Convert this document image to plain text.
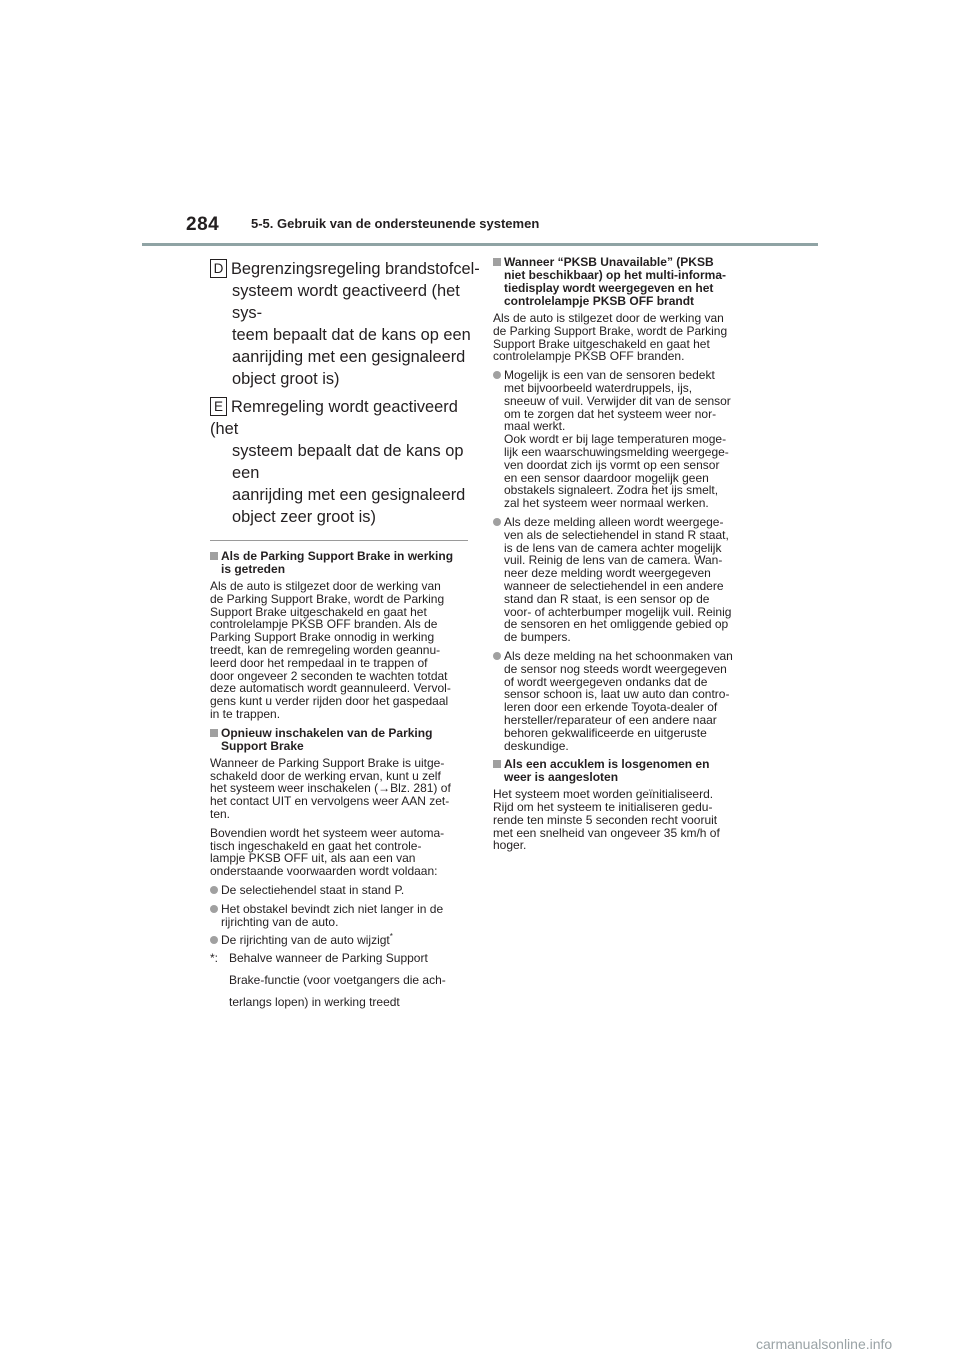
284 5-5. Gebruik van de ondersteunende systemen
D Begrenzingsregeling brandstofcel-
systeem wordt geactiveerd (het sys-
teem bepaalt dat de kans op een
aanrijding met een gesignaleerd
object groot is)
E Remregeling wordt geactiveerd (het
systeem bepaalt dat de kans op een
aanrijding met een gesignaleerd
object zeer groot is)
Als de Parking Support Brake in werking
is getreden
Als de auto is stilgezet door de werking van
de Parking Support Brake, wordt de Parking
Support Brake uitgeschakeld en gaat het
controlelampje PKSB OFF branden. Als de
Parking Support Brake onnodig in werking
treedt, kan de remregeling worden geannu-
leerd door het rempedaal in te trappen of
door ongeveer 2 seconden te wachten totdat
deze automatisch wordt geannuleerd. Vervol-
gens kunt u verder rijden door het gaspedaal
in te trappen.
Opnieuw inschakelen van de Parking
Support Brake
Wanneer de Parking Support Brake is uitge-
schakeld door de werking ervan, kunt u zelf
het systeem weer inschakelen (→Blz. 281) of
het contact UIT en vervolgens weer AAN zet-
ten.
Bovendien wordt het systeem weer automa-
tisch ingeschakeld en gaat het controle-
lampje PKSB OFF uit, als aan een van
onderstaande voorwaarden wordt voldaan:
De selectiehendel staat in stand P.
Het obstakel bevindt zich niet langer in de
rijrichting van de auto.
De rijrichting van de auto wijzigt*
*: Behalve wanneer de Parking Support
Brake-functie (voor voetgangers die ach-
terlangs lopen) in werking treedt
Wanneer “PKSB Unavailable” (PKSB
niet beschikbaar) op het multi-informa-
tiedisplay wordt weergegeven en het
controlelampje PKSB OFF brandt
Als de auto is stilgezet door de werking van
de Parking Support Brake, wordt de Parking
Support Brake uitgeschakeld en gaat het
controlelampje PKSB OFF branden.
Mogelijk is een van de sensoren bedekt
met bijvoorbeeld waterdruppels, ijs,
sneeuw of vuil. Verwijder dit van de sensor
om te zorgen dat het systeem weer nor-
maal werkt.
Ook wordt er bij lage temperaturen moge-
lijk een waarschuwingsmelding weergege-
ven doordat zich ijs vormt op een sensor
en een sensor daardoor mogelijk geen
obstakels signaleert. Zodra het ijs smelt,
zal het systeem weer normaal werken.
Als deze melding alleen wordt weergege-
ven als de selectiehendel in stand R staat,
is de lens van de camera achter mogelijk
vuil. Reinig de lens van de camera. Wan-
neer deze melding wordt weergegeven
wanneer de selectiehendel in een andere
stand dan R staat, is een sensor op de
voor- of achterbumper mogelijk vuil. Reinig
de sensoren en het omliggende gebied op
de bumpers.
Als deze melding na het schoonmaken van
de sensor nog steeds wordt weergegeven
of wordt weergegeven ondanks dat de
sensor schoon is, laat uw auto dan contro-
leren door een erkende Toyota-dealer of
hersteller/reparateur of een andere naar
behoren gekwalificeerde en uitgeruste
deskundige.
Als een accuklem is losgenomen en
weer is aangesloten
Het systeem moet worden geïnitialiseerd.
Rijd om het systeem te initialiseren gedu-
rende ten minste 5 seconden recht vooruit
met een snelheid van ongeveer 35 km/h of
hoger.
carmanualsonline.info
